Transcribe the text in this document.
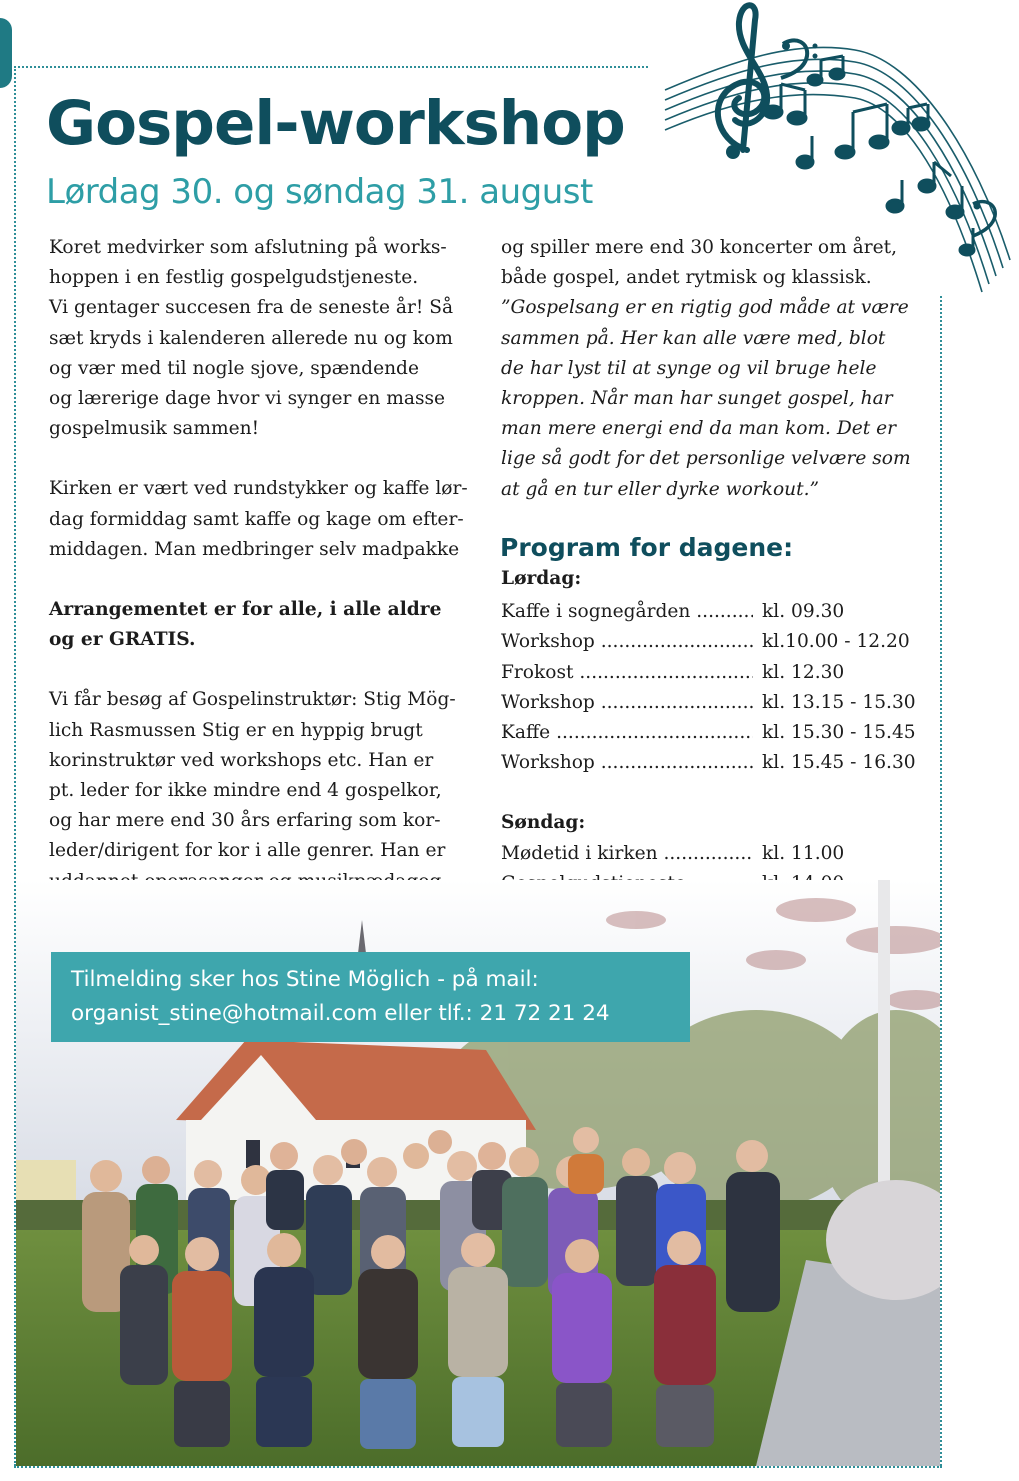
Gospel-workshop
Lørdag 30. og søndag 31. august

Koret medvirker som afslutning på works-

hoppen i en festlig gospelgudstjeneste.

Vi gentager succesen fra de seneste år! Så

sæt kryds i kalenderen allerede nu og kom

og vær med til nogle sjove, spændende

og lærerige dage hvor vi synger en masse

gospelmusik sammen!

Kirken er vært ved rundstykker og kaffe lør-

dag formiddag samt kaffe og kage om efter-

middagen. Man medbringer selv madpakke

Arrangementet er for alle, i alle aldre

og er GRATIS.

Vi får besøg af Gospelinstruktør: Stig Mög-

lich Rasmussen Stig er en hyppig brugt

korinstruktør ved workshops etc. Han er

pt. leder for ikke mindre end 4 gospelkor,

og har mere end 30 års erfaring som kor-

leder/dirigent for kor i alle genrer. Han er

og spiller mere end 30 koncerter om året,

både gospel, andet rytmisk og klassisk.

”Gospelsang er en rigtig god måde at være

sammen på. Her kan alle være med, blot

de har lyst til at synge og vil bruge hele

kroppen. Når man har sunget gospel, har

man mere energi end da man kom. Det er

lige så godt for det personlige velvære som

at gå en tur eller dyrke workout.”

Program for dagene:
Lørdag:
Kaffe i sognegården .....	kl. 09.30
Workshop .....	kl.10.00 - 12.20
Frokost .....	kl. 12.30
Workshop .....	kl. 13.15 - 15.30
Kaffe .....	kl. 15.30 - 15.45
Workshop .....	kl. 15.45 - 16.30
Søndag:
Mødetid i kirken .....	kl. 11.00
.....
Tilmelding sker hos Stine Möglich - på mail:
organist_stine@hotmail.com eller tlf.: 21 72 21 24
